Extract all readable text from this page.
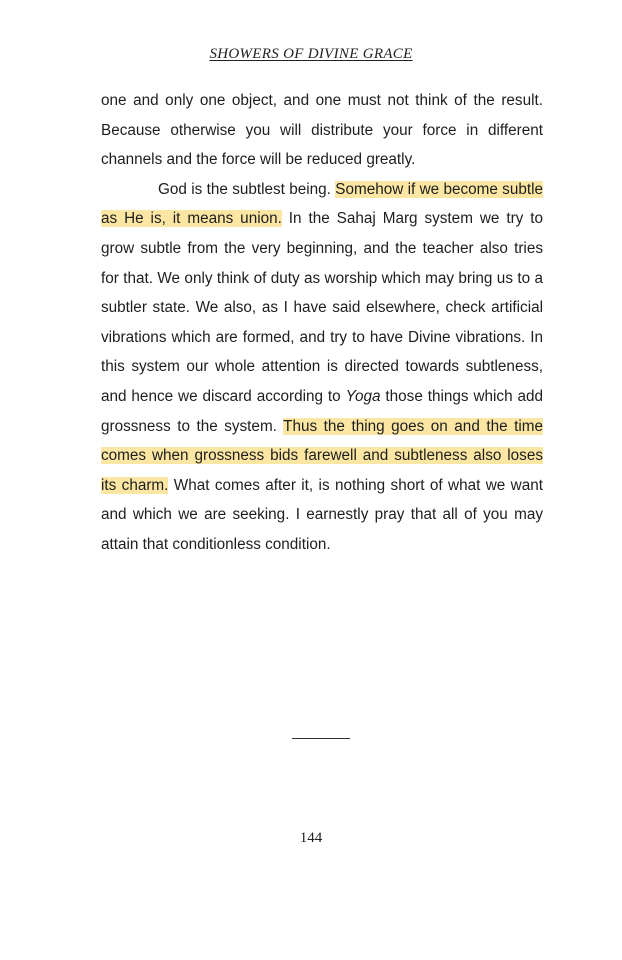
SHOWERS OF DIVINE GRACE

one and only one object, and one must not think of the result. Because otherwise you will distribute your force in different channels and the force will be reduced greatly.

God is the subtlest being. Somehow if we become subtle as He is, it means union. In the Sahaj Marg system we try to grow subtle from the very beginning, and the teacher also tries for that. We only think of duty as worship which may bring us to a subtler state. We also, as I have said elsewhere, check artificial vibrations which are formed, and try to have Divine vibrations. In this system our whole attention is directed towards subtleness, and hence we discard according to Yoga those things which add grossness to the system. Thus the thing goes on and the time comes when grossness bids farewell and subtleness also loses its charm. What comes after it, is nothing short of what we want and which we are seeking. I earnestly pray that all of you may attain that conditionless condition.

144
